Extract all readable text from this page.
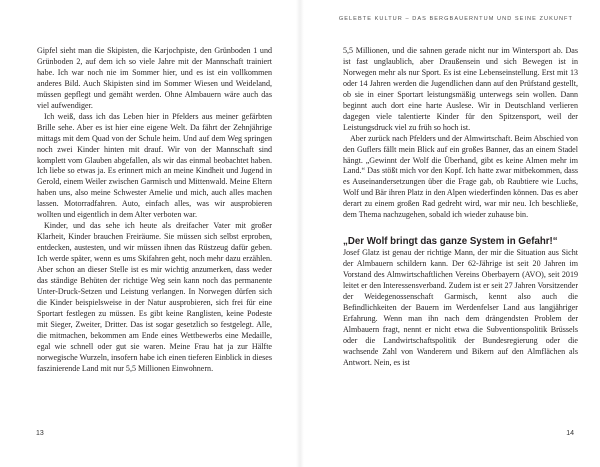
Gipfel sieht man die Skipisten, die Karjochpiste, den Grünboden 1 und Grünboden 2, auf dem ich so viele Jahre mit der Mannschaft trainiert habe. Ich war noch nie im Sommer hier, und es ist ein vollkommen anderes Bild. Auch Skipisten sind im Sommer Wiesen und Weideland, müssen gepflegt und gemäht werden. Ohne Almbauern wäre auch das viel aufwendiger.

Ich weiß, dass ich das Leben hier in Pfelders aus meiner gefärbten Brille sehe. Aber es ist hier eine eigene Welt. Da fährt der Zehnjährige mittags mit dem Quad von der Schule heim. Und auf dem Weg springen noch zwei Kinder hinten mit drauf. Wir von der Mannschaft sind komplett vom Glauben abgefallen, als wir das einmal beobachtet haben. Ich liebe so etwas ja. Es erinnert mich an meine Kindheit und Jugend in Gerold, einem Weiler zwischen Garmisch und Mittenwald. Meine Eltern haben uns, also meine Schwester Amelie und mich, auch alles machen lassen. Motorradfahren. Auto, einfach alles, was wir ausprobieren wollten und eigentlich in dem Alter verboten war.

Kinder, und das sehe ich heute als dreifacher Vater mit großer Klarheit, Kinder brauchen Freiräume. Sie müssen sich selbst erproben, entdecken, austesten, und wir müssen ihnen das Rüstzeug dafür geben. Ich werde später, wenn es ums Skifahren geht, noch mehr dazu erzählen. Aber schon an dieser Stelle ist es mir wichtig anzumerken, dass weder das ständige Behüten der richtige Weg sein kann noch das permanente Unter-Druck-Setzen und Leistung verlangen. In Norwegen dürfen sich die Kinder beispielsweise in der Natur ausprobieren, sich frei für eine Sportart festlegen zu müssen. Es gibt keine Ranglisten, keine Podeste mit Sieger, Zweiter, Dritter. Das ist sogar gesetzlich so festgelegt. Alle, die mitmachen, bekommen am Ende eines Wettbewerbs eine Medaille, egal wie schnell oder gut sie waren. Meine Frau hat ja zur Hälfte norwegische Wurzeln, insofern habe ich einen tieferen Einblick in dieses faszinierende Land mit nur 5,5 Millionen Einwohnern.

13
GELEBTE KULTUR – DAS BERGBAUERNTUM UND SEINE ZUKUNFT

5,5 Millionen, und die sahnen gerade nicht nur im Wintersport ab. Das ist fast unglaublich, aber Draußensein und sich Bewegen ist in Norwegen mehr als nur Sport. Es ist eine Lebenseinstellung. Erst mit 13 oder 14 Jahren werden die Jugendlichen dann auf den Prüfstand gestellt, ob sie in einer Sportart leistungsmäßig unterwegs sein wollen. Dann beginnt auch dort eine harte Auslese. Wir in Deutschland verlieren dagegen viele talentierte Kinder für den Spitzensport, weil der Leistungsdruck viel zu früh so hoch ist.

Aber zurück nach Pfelders und der Almwirtschaft. Beim Abschied von den Guflers fällt mein Blick auf ein großes Banner, das an einem Stadel hängt. „Gewinnt der Wolf die Überhand, gibt es keine Almen mehr im Land.“ Das stößt mich vor den Kopf. Ich hatte zwar mitbekommen, dass es Auseinandersetzungen über die Frage gab, ob Raubtiere wie Luchs, Wolf und Bär ihren Platz in den Alpen wiederfinden können. Das es aber derart zu einem großen Rad gedreht wird, war mir neu. Ich beschließe, dem Thema nachzugehen, sobald ich wieder zuhause bin.

„Der Wolf bringt das ganze System in Gefahr!“

Josef Glatz ist genau der richtige Mann, der mir die Situation aus Sicht der Almbauern schildern kann. Der 62-Jährige ist seit 20 Jahren im Vorstand des Almwirtschaftlichen Vereins Oberbayern (AVO), seit 2019 leitet er den Interessensverband. Zudem ist er seit 27 Jahren Vorsitzender der Weidegenossenschaft Garmisch, kennt also auch die Befindlichkeiten der Bauern im Werdenfelser Land aus langjähriger Erfahrung. Wenn man ihn nach dem drängendsten Problem der Almbauern fragt, nennt er nicht etwa die Subventionspolitik Brüssels oder die Landwirtschaftspolitik der Bundesregierung oder die wachsende Zahl von Wanderern und Bikern auf den Almflächen als Antwort. Nein, es ist

14
